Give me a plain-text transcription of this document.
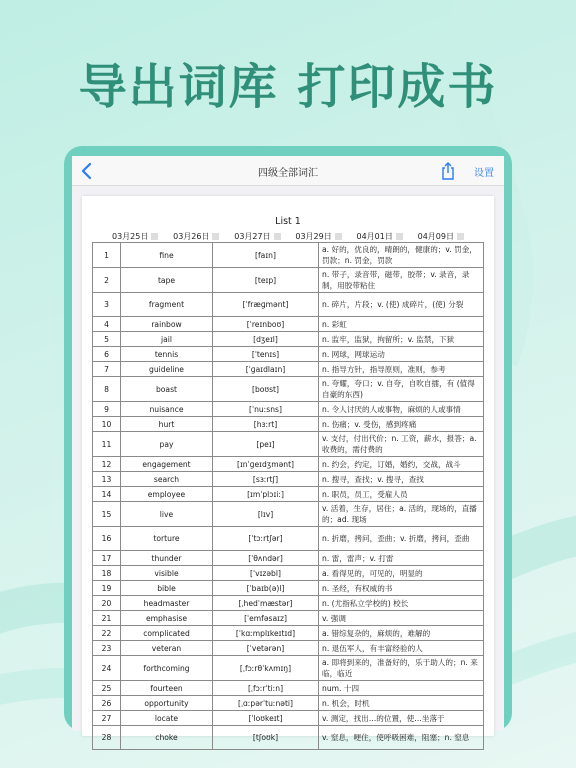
导出词库 打印成书
四级全部词汇	设置
List 1
03月25日	03月26日	03月27日	03月29日	04月01日	04月09日
1	fine	[faɪn]	a. 好的，优良的，晴朗的，健康的；v. 罚金，罚款；n. 罚金，罚款
2	tape	[teɪp]	n. 带子，录音带，磁带，胶带；v. 录音，录制，用胶带粘住
3	fragment	[ˈfræɡmənt]	n. 碎片，片段；v. (使) 成碎片，(使) 分裂
4	rainbow	[ˈreɪnboʊ]	n. 彩虹
5	jail	[dʒeɪl]	n. 监牢，监狱，拘留所；v. 监禁，下狱
6	tennis	[ˈtenɪs]	n. 网球，网球运动
7	guideline	[ˈɡaɪdlaɪn]	n. 指导方针，指导原则，准则，参考
8	boast	[boʊst]	n. 夸耀，夸口；v. 自夸，自吹自擂，有 (值得自豪的东西)
9	nuisance	[ˈnuːsns]	n. 令人讨厌的人或事物，麻烦的人或事情
10	hurt	[hɜːrt]	n. 伤痛；v. 受伤，感到疼痛
11	pay	[peɪ]	v. 支付，付出代价；n. 工资，薪水，报答；a. 收费的，需付费的
12	engagement	[ɪnˈɡeɪdʒmənt]	n. 约会，约定，订婚，婚约，交战，战斗
13	search	[sɜːrtʃ]	n. 搜寻，查找；v. 搜寻，查找
14	employee	[ɪmˈplɔɪiː]	n. 职员，员工，受雇人员
15	live	[lɪv]	v. 活着，生存，居住；a. 活的，现场的，直播的；ad. 现场
16	torture	[ˈtɔːrtʃər]	n. 折磨，拷问，歪曲；v. 折磨，拷问，歪曲
17	thunder	[ˈθʌndər]	n. 雷，雷声；v. 打雷
18	visible	[ˈvɪzəbl]	a. 看得见的，可见的，明显的
19	bible	[ˈbaɪb(ə)l]	n. 圣经，有权威的书
20	headmaster	[ˌhedˈmæstər]	n. (尤指私立学校的) 校长
21	emphasise	[ˈemfəsaɪz]	v. 强调
22	complicated	[ˈkɑːmplɪkeɪtɪd]	a. 错综复杂的，麻烦的，难解的
23	veteran	[ˈvetərən]	n. 退伍军人，有丰富经验的人
24	forthcoming	[ˌfɔːrθˈkʌmɪŋ]	a. 即将到来的，准备好的，乐于助人的；n. 来临，临近
25	fourteen	[ˌfɔːrˈtiːn]	num. 十四
26	opportunity	[ˌɑːpərˈtuːnəti]	n. 机会，时机
27	locate	[ˈloʊkeɪt]	v. 测定，找出…的位置，使…坐落于
28	choke	[tʃoʊk]	v. 窒息，哽住，使呼吸困难，阻塞；n. 窒息
